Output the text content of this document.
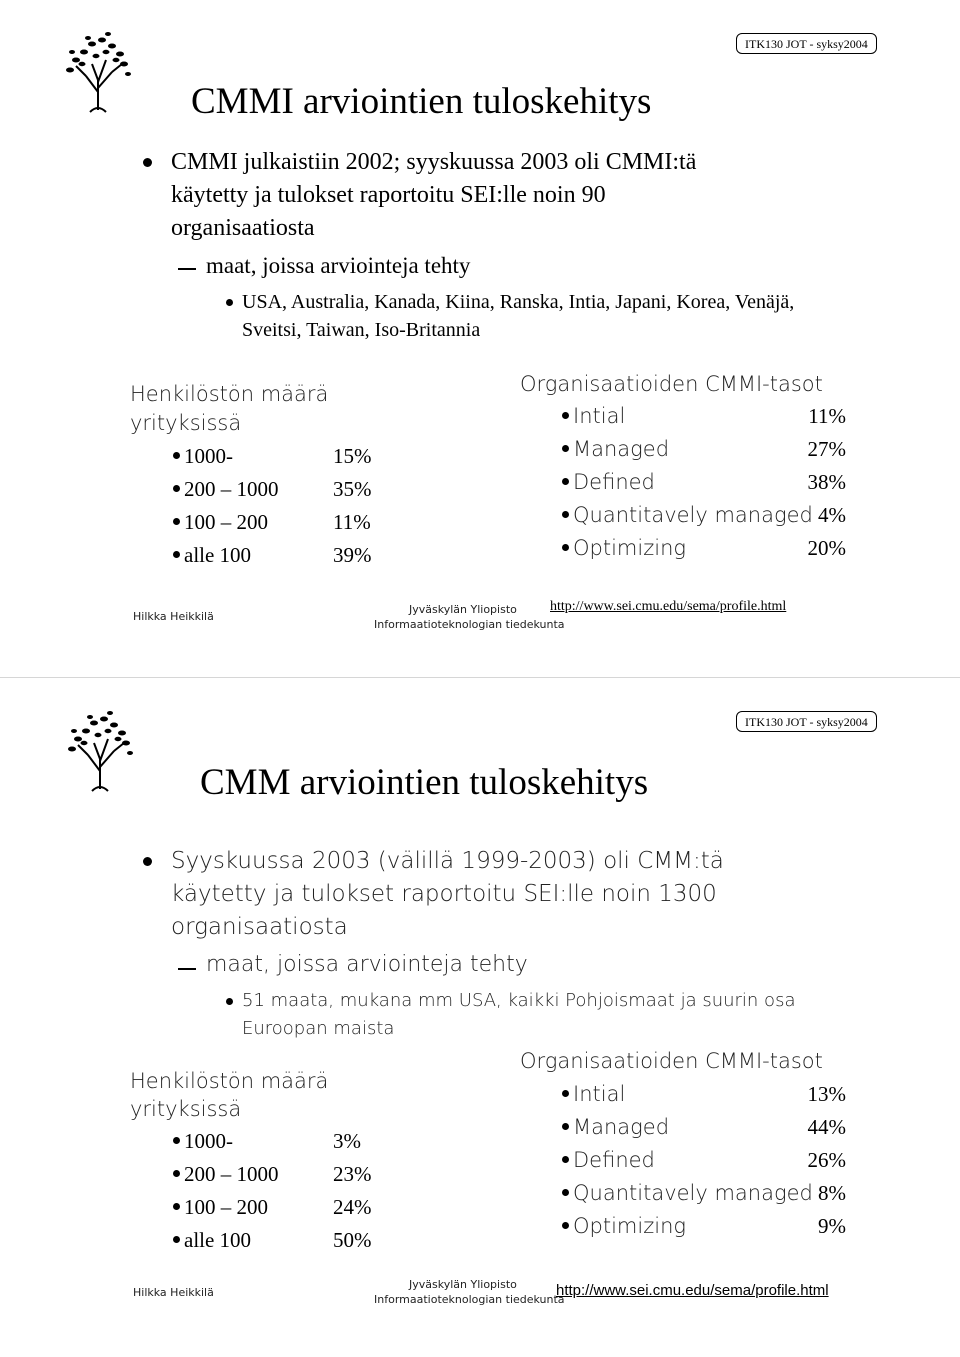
ITK130 JOT - syksy2004
CMMI arviointien tuloskehitys
CMMI julkaistiin 2002; syyskuussa 2003 oli CMMI:tä käytetty ja tulokset raportoitu SEI:lle noin 90 organisaatiosta
maat, joissa arviointeja tehty
USA, Australia, Kanada, Kiina, Ranska, Intia, Japani, Korea, Venäjä, Sveitsi, Taiwan, Iso-Britannia
Henkilöstön määrä
yrityksissä
1000-	15%
200 – 1000	35%
100 – 200	11%
alle 100	39%
Organisaatioiden CMMI-tasot
Intial	11%
Managed	27%
Defined	38%
Quantitavely managed 4%
Optimizing	20%
Hilkka Heikkilä
Jyväskylän Yliopisto
Informaatioteknologian tiedekunta
http://www.sei.cmu.edu/sema/profile.html
ITK130 JOT - syksy2004
CMM arviointien tuloskehitys
Syyskuussa 2003 (välillä 1999-2003) oli CMM:tä käytetty ja tulokset raportoitu SEI:lle noin 1300 organisaatiosta
maat, joissa arviointeja tehty
51 maata, mukana mm USA, kaikki Pohjoismaat ja suurin osa Euroopan maista
Henkilöstön määrä
yrityksissä
1000-	3%
200 – 1000	23%
100 – 200	24%
alle 100	50%
Organisaatioiden CMMI-tasot
Intial	13%
Managed	44%
Defined	26%
Quantitavely managed 8%
Optimizing	9%
Hilkka Heikkilä
Jyväskylän Yliopisto
Informaatioteknologian tiedekunta
http://www.sei.cmu.edu/sema/profile.html
